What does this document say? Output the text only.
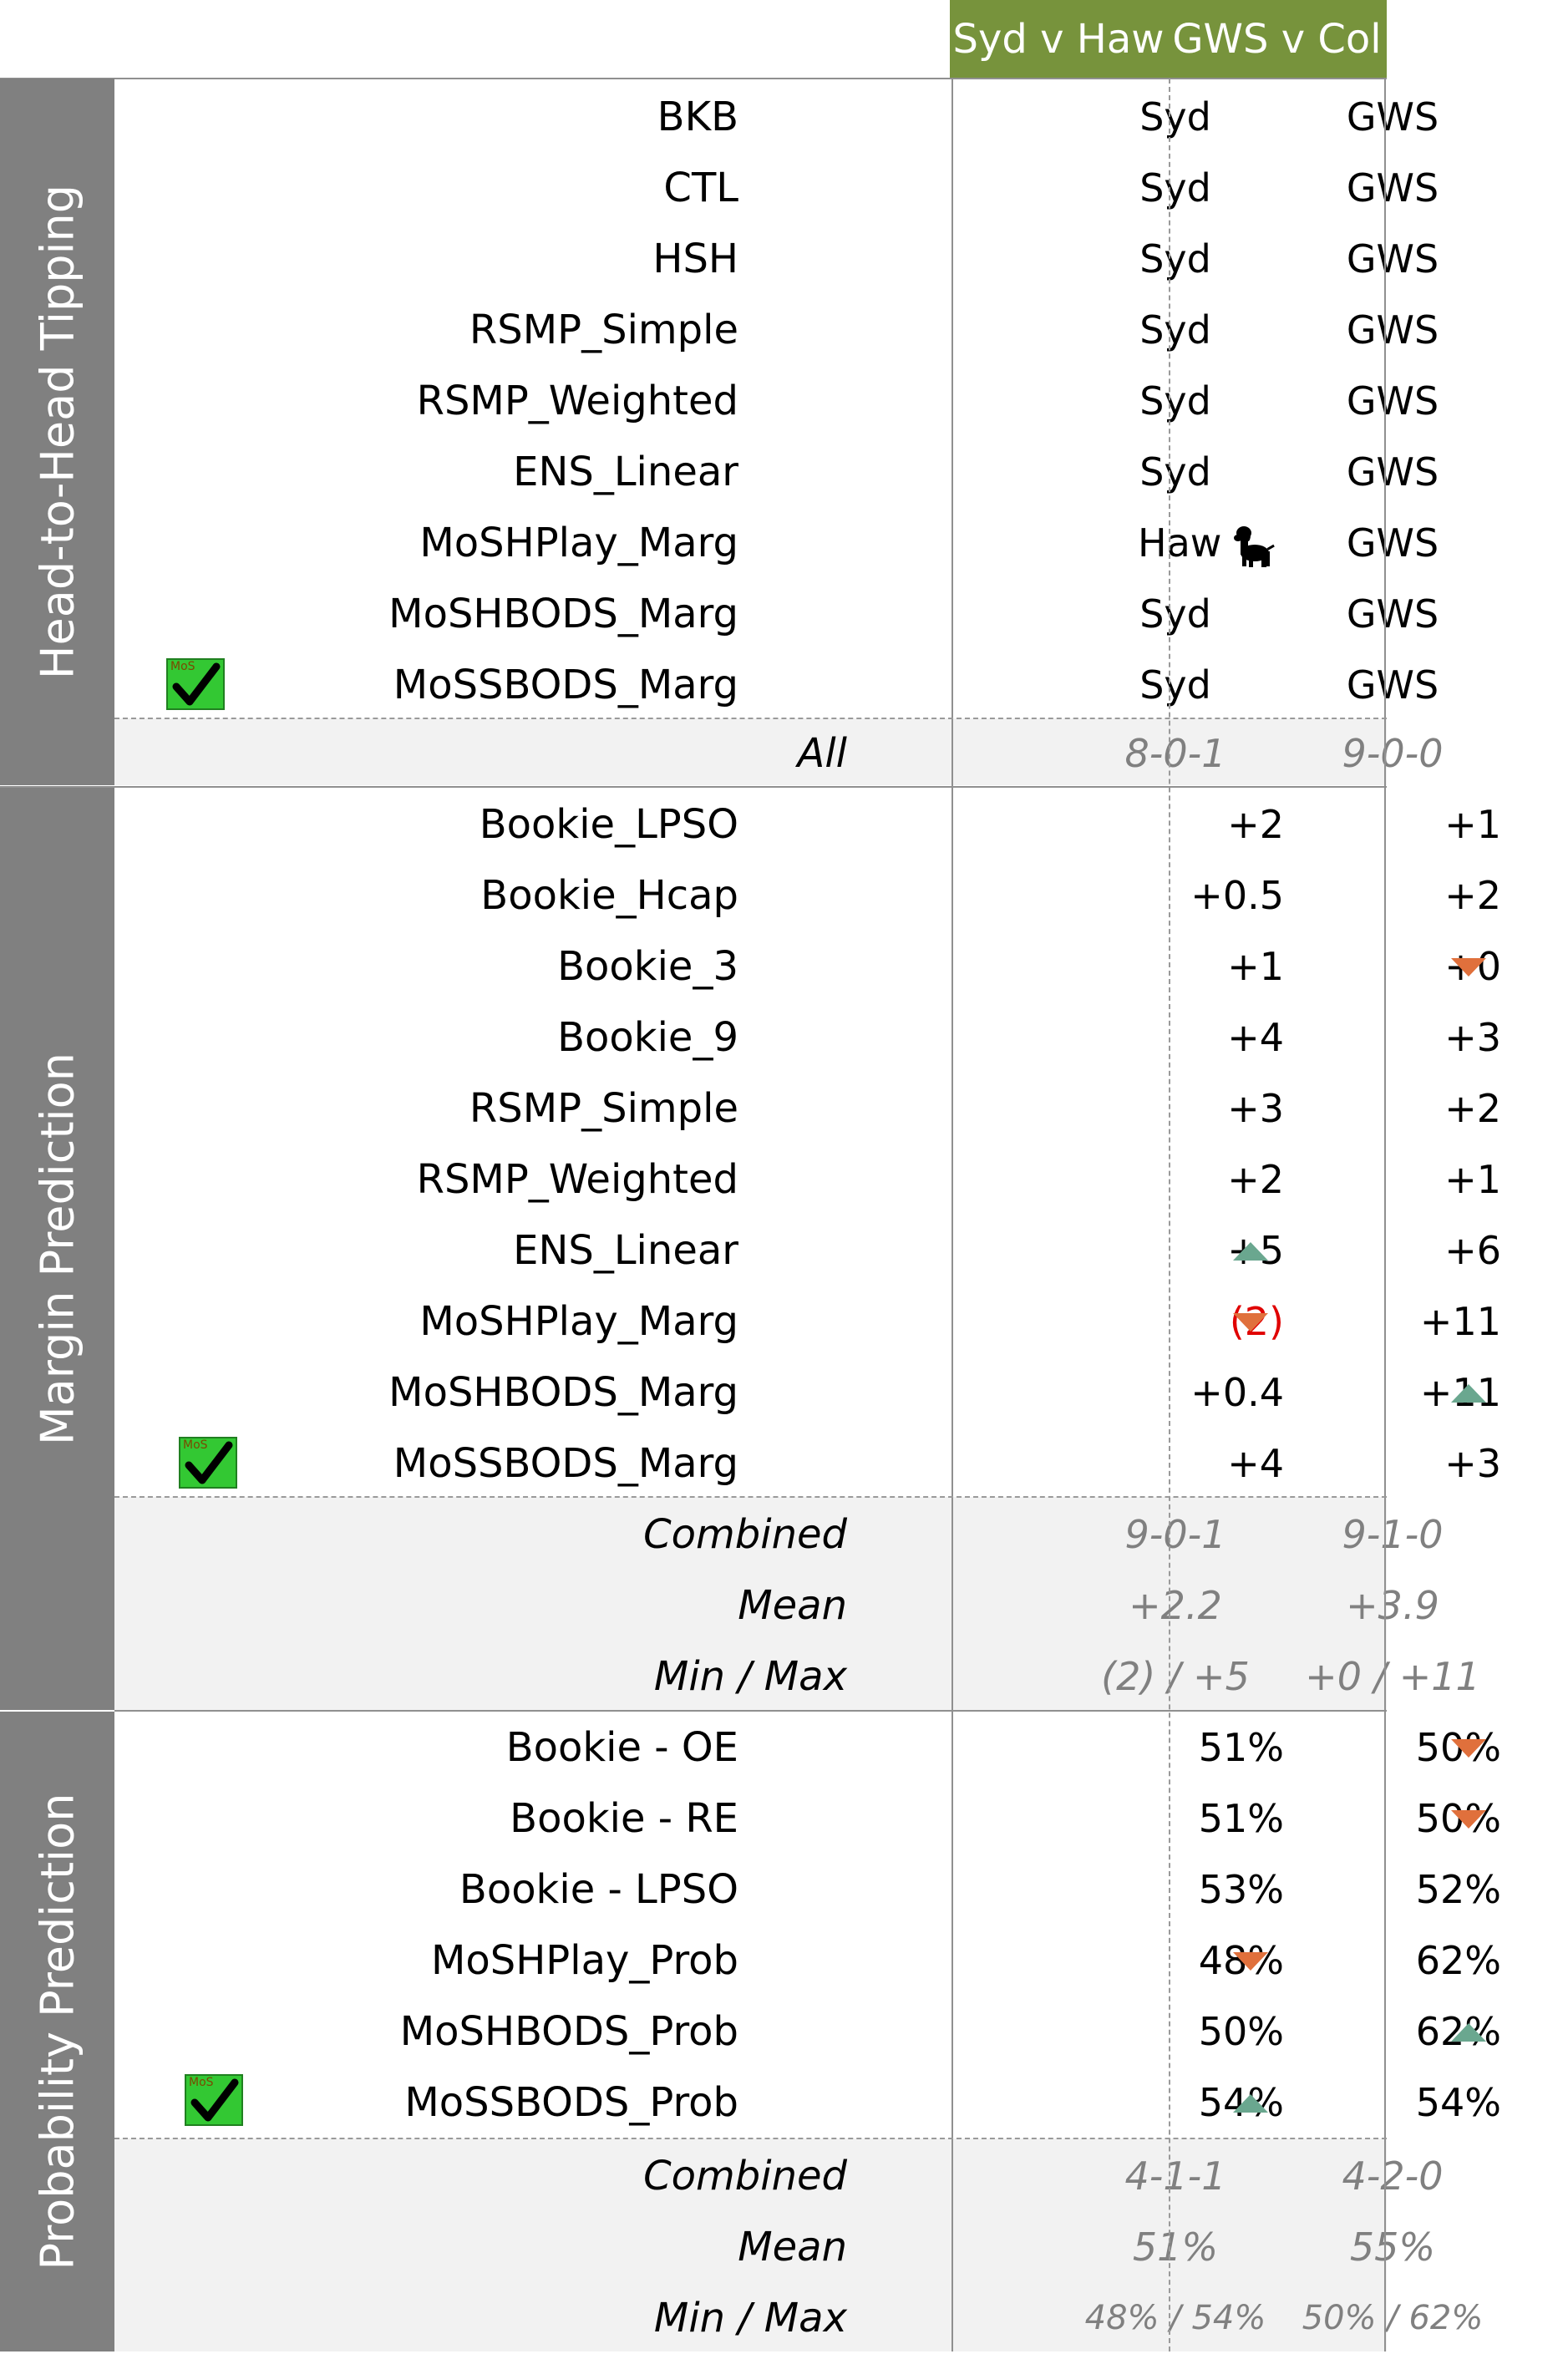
Syd v Haw GWS v Col
Head-to-Head Tipping
Margin Prediction
Probability Prediction
BKB	Syd	GWS
CTL	Syd	GWS
HSH	Syd	GWS
RSMP_Simple	Syd	GWS
RSMP_Weighted	Syd	GWS
ENS_Linear	Syd	GWS
MoSHPlay_Marg	Haw	GWS
MoSHBODS_Marg	Syd	GWS
MoS	MoSSBODS_Marg	Syd	GWS
All	8-0-1	9-0-0
Bookie_LPSO	+2	+1
Bookie_Hcap	+0.5	+2
Bookie_3	+1	+0
Bookie_9	+4	+3
RSMP_Simple	+3	+2
RSMP_Weighted	+2	+1
ENS_Linear	+5	+6
MoSHPlay_Marg	(2)	+11
MoSHBODS_Marg	+0.4	+11
MoS	MoSSBODS_Marg	+4	+3
Combined	9-0-1	9-1-0
Mean	+2.2	+3.9
Min / Max	(2) / +5	+0 / +11
Bookie - OE	51%	50%
Bookie - RE	51%	50%
Bookie - LPSO	53%	52%
MoSHPlay_Prob	48%	62%
MoSHBODS_Prob	50%	62%
MoS	MoSSBODS_Prob	54%	54%
Combined	4-1-1	4-2-0
Mean	51%	55%
Min / Max	48% / 54%	50% / 62%
